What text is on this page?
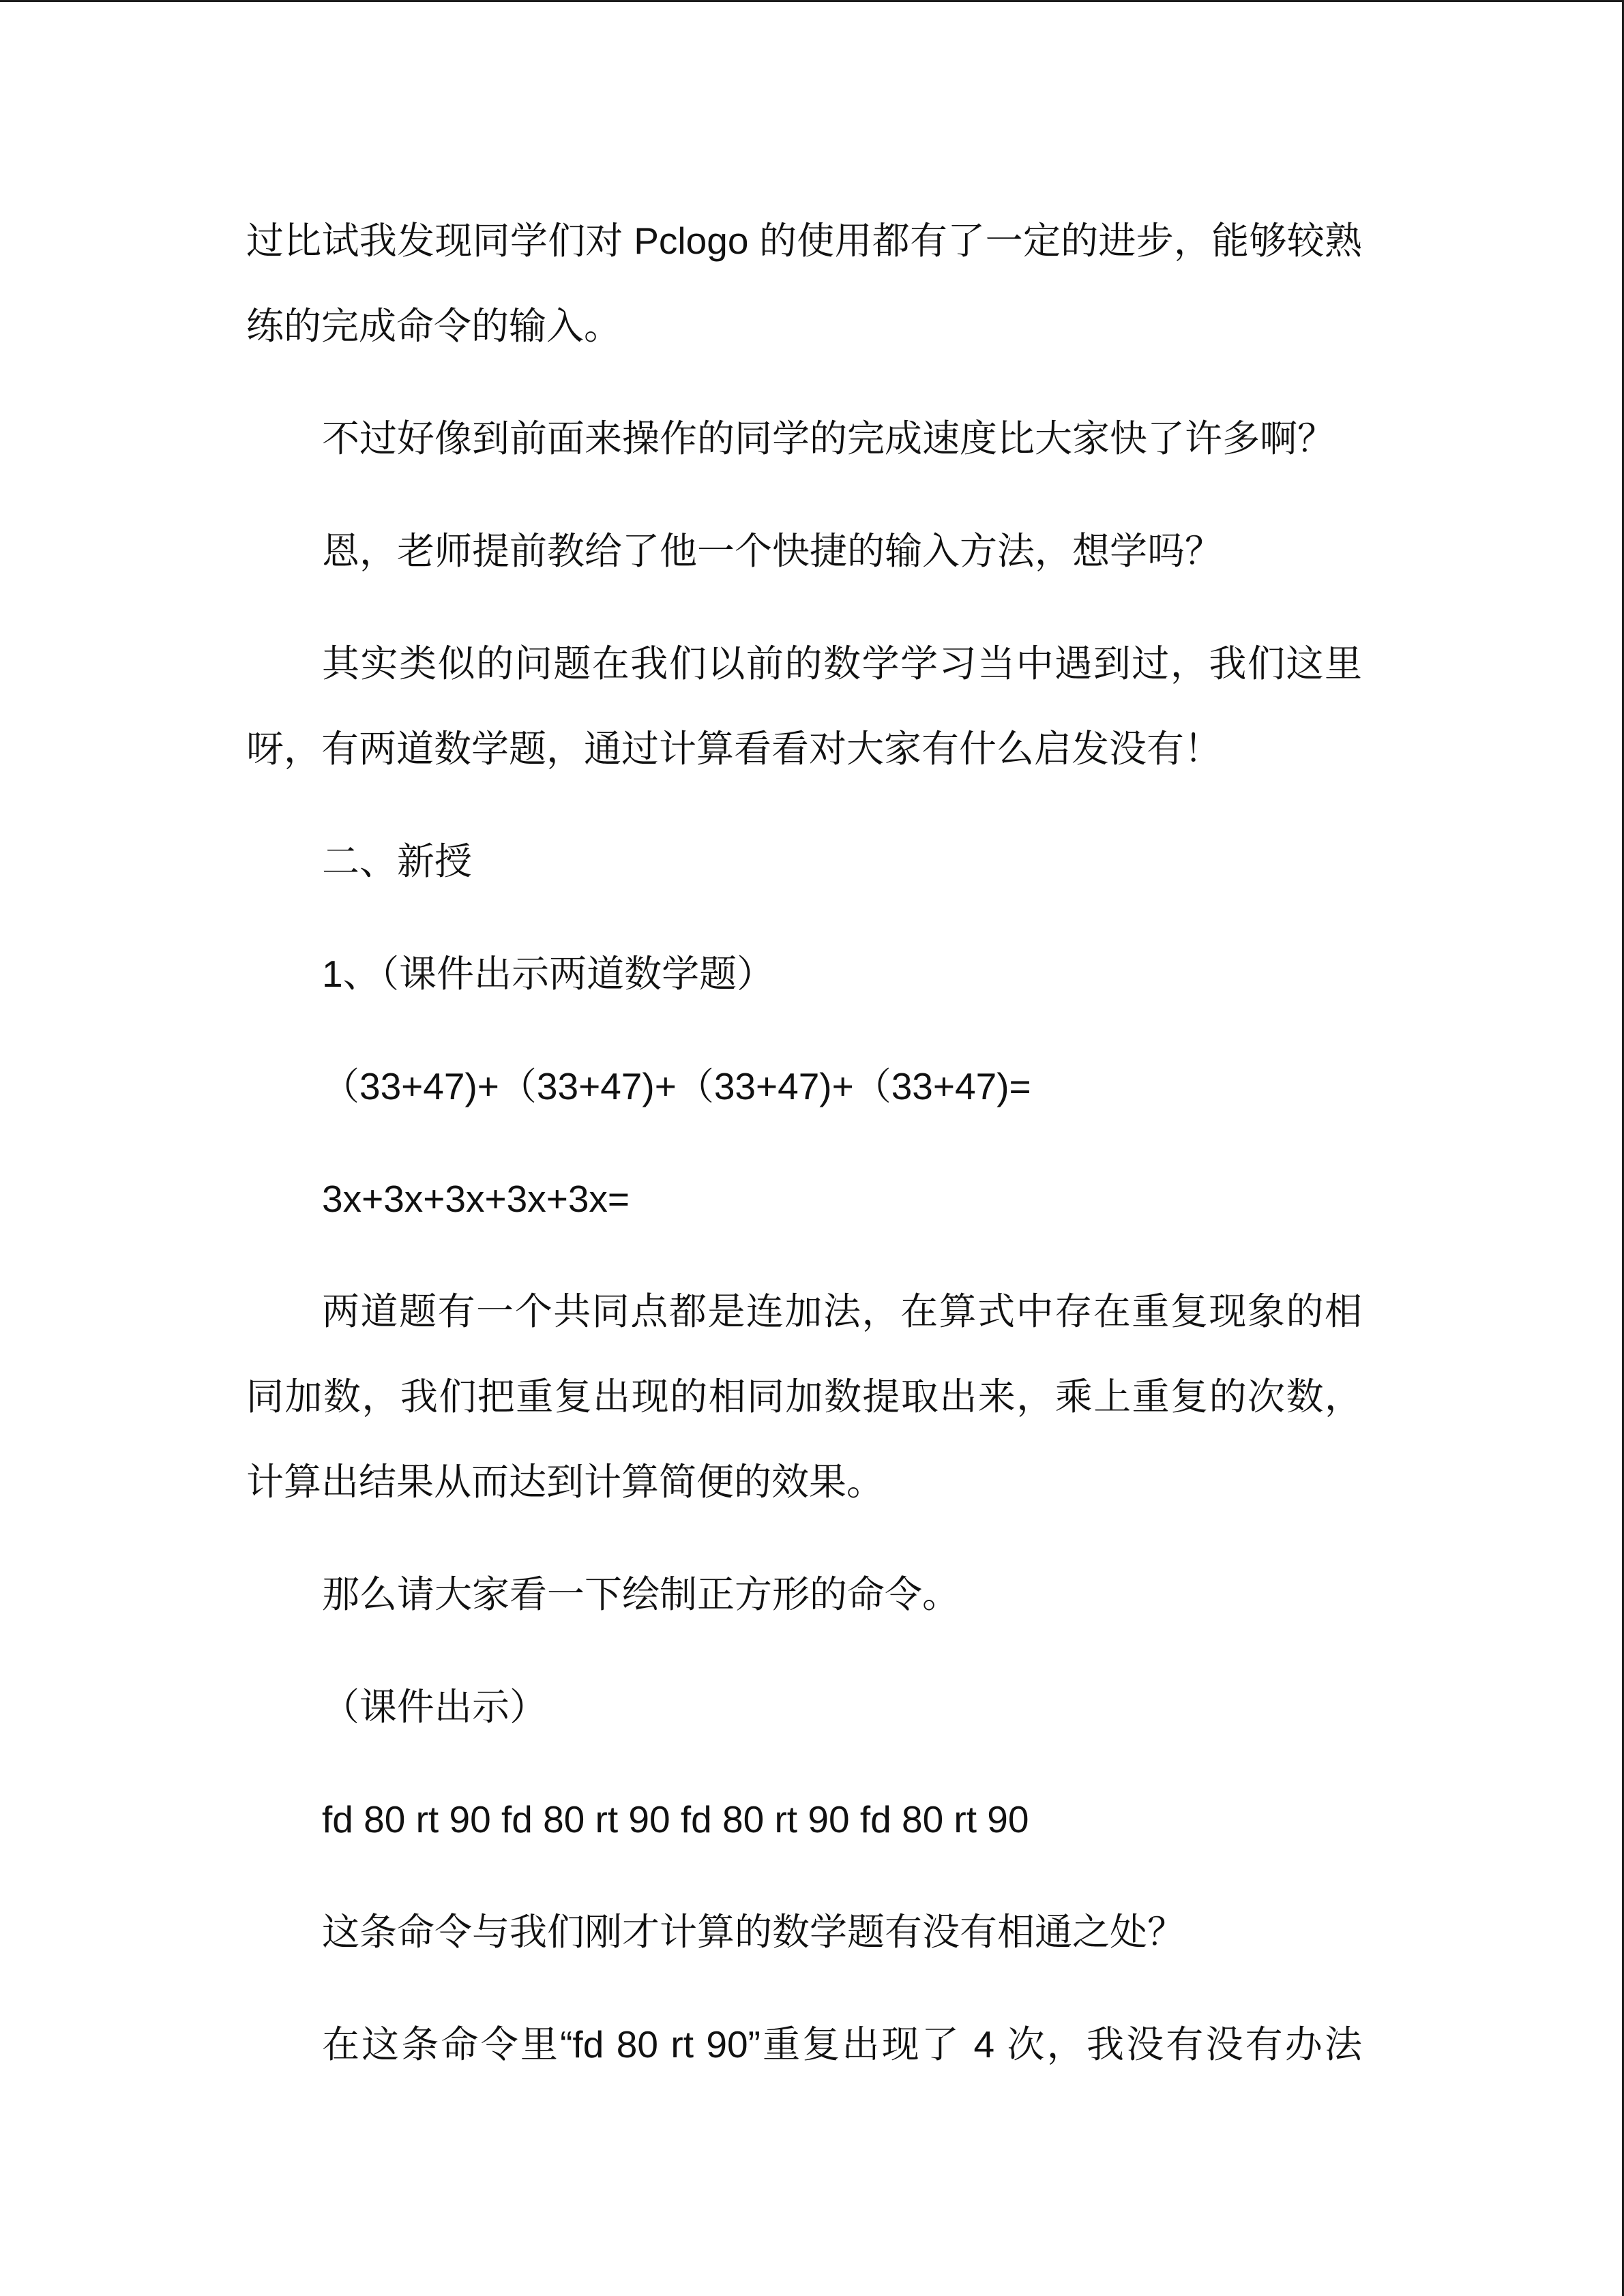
过比试我发现同学们对 Pclogo 的使用都有了一定的进步，能够较熟
练的完成命令的输入。
不过好像到前面来操作的同学的完成速度比大家快了许多啊？
恩，老师提前教给了他一个快捷的输入方法，想学吗？
其实类似的问题在我们以前的数学学习当中遇到过，我们这里
呀，有两道数学题，通过计算看看对大家有什么启发没有！
二、新授
1、（课件出示两道数学题）
（33+47)+（33+47)+（33+47)+（33+47)=
3x+3x+3x+3x+3x=
两道题有一个共同点都是连加法，在算式中存在重复现象的相
同加数，我们把重复出现的相同加数提取出来，乘上重复的次数，
计算出结果从而达到计算简便的效果。
那么请大家看一下绘制正方形的命令。
（课件出示）
fd 80 rt 90 fd 80 rt 90 fd 80 rt 90 fd 80 rt 90
这条命令与我们刚才计算的数学题有没有相通之处？
在这条命令里“fd 80 rt 90”重复出现了 4 次，我没有没有办法
